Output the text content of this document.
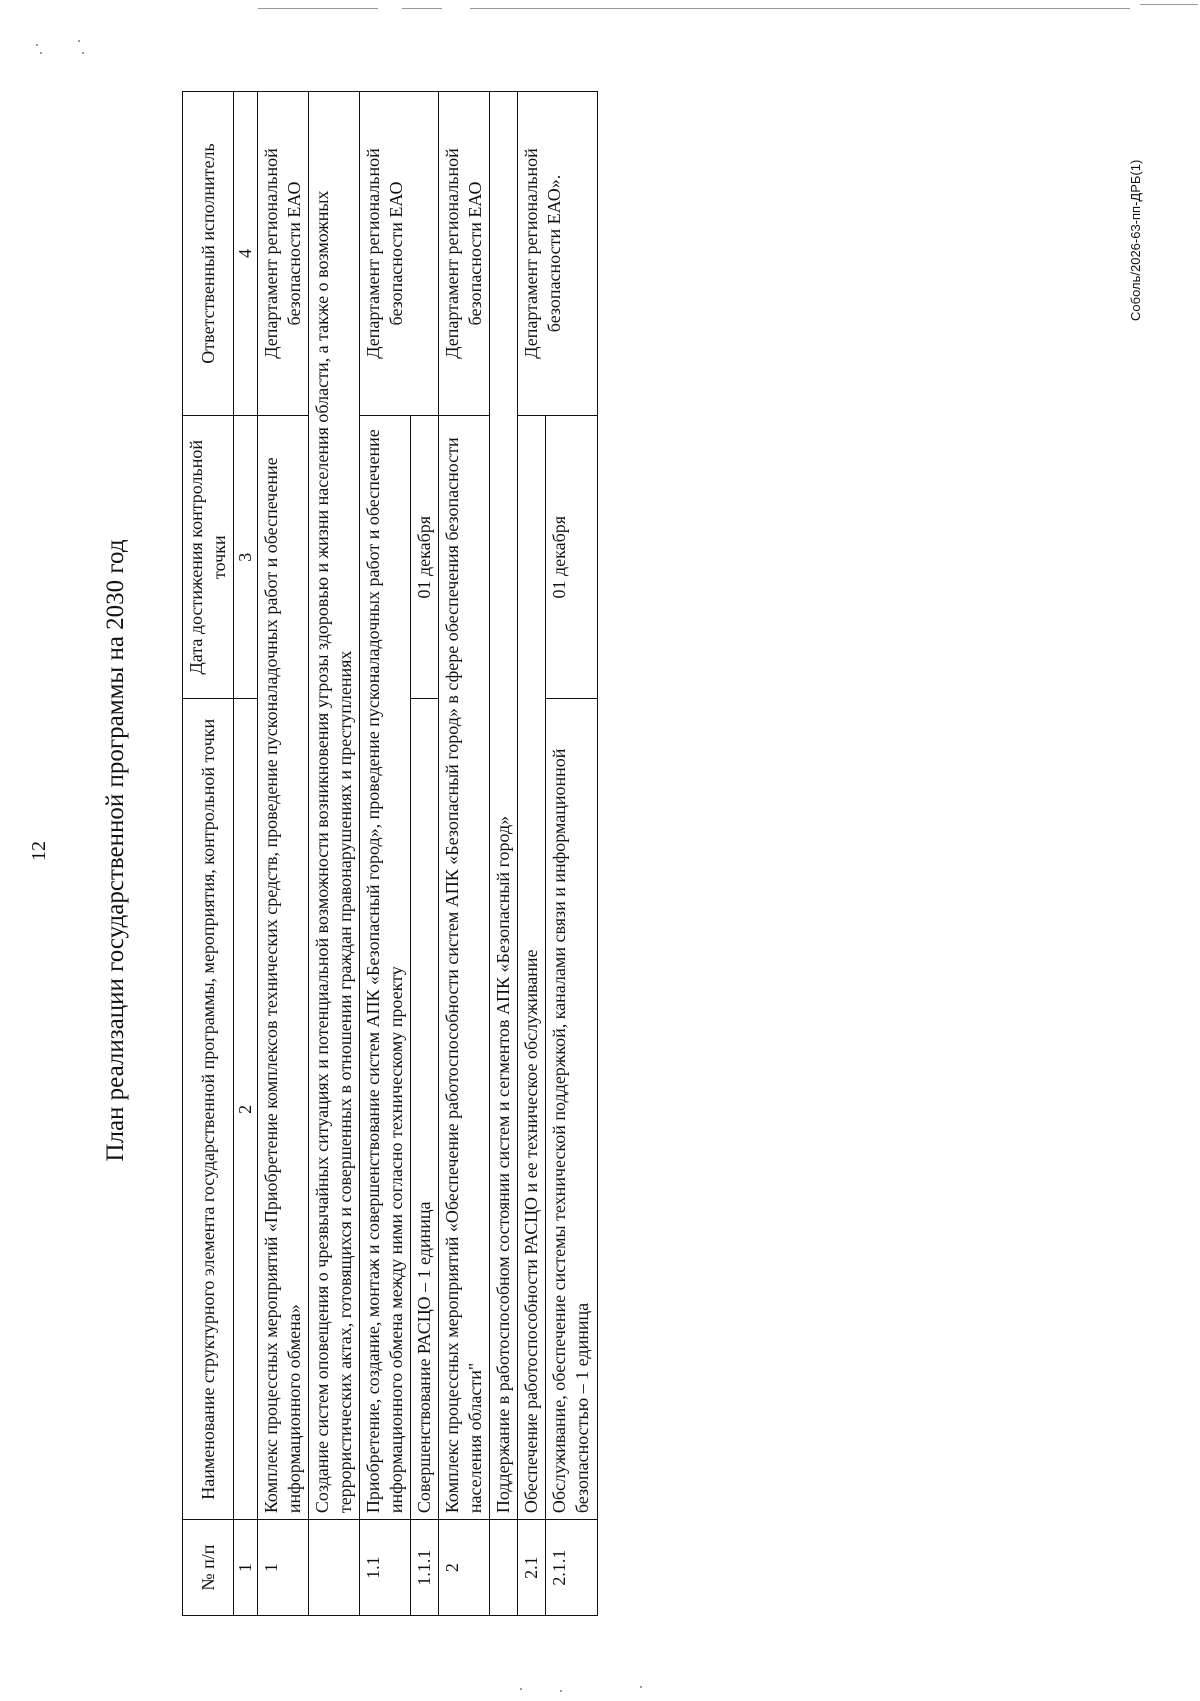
12 План реализации государственной программы на 2030 год
№ п/п	Наименование структурного элемента государственной программы, мероприятия, контрольной точки	Дата достижения контрольной точки	Ответственный исполнитель
1	2	3	4
1	Комплекс процессных мероприятий «Приобретение комплексов технических средств, проведение пусконаладочных работ и обеспечение информационного обмена»		Департамент региональной безопасности ЕАО
	Создание систем оповещения о чрезвычайных ситуациях и потенциальной возможности возникновения угрозы здоровью и жизни населения области, а также о возможных террористических актах, готовящихся и совершенных в отношении граждан правонарушениях и преступлениях		
1.1	Приобретение, создание, монтаж и совершенствование систем АПК «Безопасный город», проведение пусконаладочных работ и обеспечение информационного обмена между ними согласно техническому проекту		Департамент региональной безопасности ЕАО
1.1.1	Совершенствование РАСЦО – 1 единица	01 декабря	
2	Комплекс процессных мероприятий «Обеспечение работоспособности систем АПК «Безопасный город» в сфере обеспечения безопасности населения области"		Департамент региональной безопасности ЕАО
	Поддержание в работоспособном состоянии систем и сегментов АПК «Безопасный город»		
2.1	Обеспечение работоспособности РАСЦО и ее техническое обслуживание		Департамент региональной безопасности ЕАО».
2.1.1	Обслуживание, обеспечение системы технической поддержкой, каналами связи и информационной безопасностью – 1 единица	01 декабря	
Соболь/2026-63-пп-ДРБ(1)
